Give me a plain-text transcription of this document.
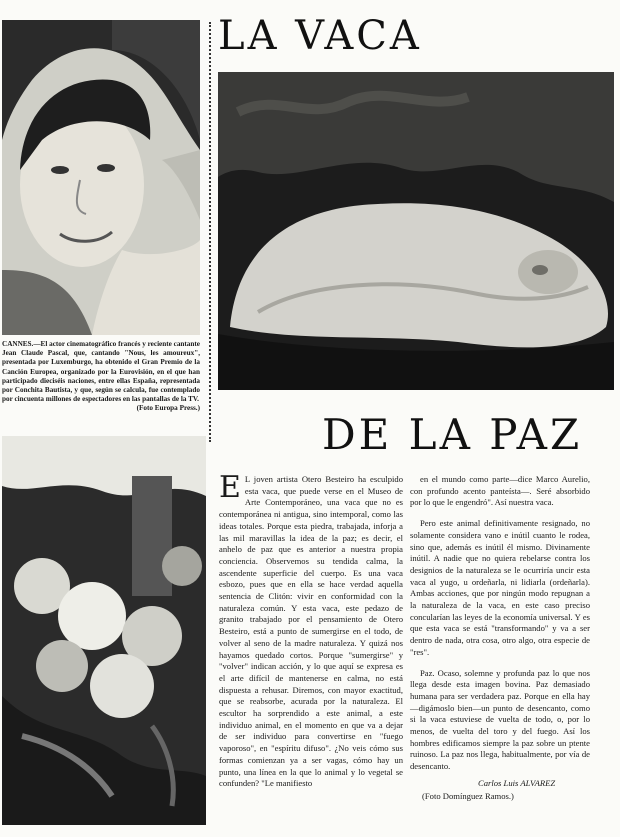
LA VACA
CANNES.—El actor cinematográfico francés y reciente cantante Jean Claude Pascal, que, cantando "Nous, les amoureux", presentada por Luxemburgo, ha obtenido el Gran Premio de la Canción Europea, organizado por la Eurovisión, en el que han participado dieciséis naciones, entre ellas España, representada por Conchita Bautista, y que, según se calcula, fue contemplado por cincuenta millones de espectadores en las pantallas de la TV.
(Foto Europa Press.)
DE LA PAZ

E L joven artista Otero Besteiro ha esculpido esta vaca, que puede verse en el Museo de Arte Contemporáneo, una vaca que no es contemporánea ni antigua, sino intemporal, como las ideas totales. Porque esta piedra, trabajada, inforja a las mil maravillas la idea de la paz; es decir, el anhelo de paz que es anterior a nuestra propia conciencia. Observemos su tendida calma, la ascendente superficie del cuerpo. Es una vaca esbozo, pues que en ella se hace verdad aquella sentencia de Clitón: vivir en conformidad con la naturaleza común. Y esta vaca, este pedazo de granito trabajado por el pensamiento de Otero Besteiro, está a punto de sumergirse en el todo, de volver al seno de la madre naturaleza. Y quizá nos hayamos quedado cortos. Porque "sumergirse" y "volver" indican acción, y lo que aquí se expresa es el arte difícil de mantenerse en calma, no está dispuesta a rehusar. Diremos, con mayor exactitud, que se reabsorbe, acurada por la naturaleza. El escultor ha sorprendido a este animal, a este individuo animal, en el momento en que va a dejar de ser individuo para convertirse en "fuego vaporoso", en "espíritu difuso". ¿No veis cómo sus formas comienzan ya a ser vagas, cómo hay un punto, una línea en la que lo animal y lo vegetal se confunden? "Le manifiesto

en el mundo como parte—dice Marco Aurelio, con profundo acento panteísta—. Seré absorbido por lo que le engendró". Así nuestra vaca.

Pero este animal definitivamente resignado, no solamente considera vano e inútil cuanto le rodea, sino que, además es inútil él mismo. Divinamente inútil. A nadie que no quiera rebelarse contra los designios de la naturaleza se le ocurriría uncir esta vaca al yugo, u ordeñarla, ni lidiarla (ordeñarla). Ambas acciones, que por ningún modo repugnan a la naturaleza de la vaca, en este caso preciso concularían las leyes de la economía universal. Y es que esta vaca se está "transformando" y va a ser dentro de nada, otra cosa, otro algo, otra especie de "res".

Paz. Ocaso, solemne y profunda paz lo que nos llega desde esta imagen bovina. Paz demasiado humana para ser verdadera paz. Porque en ella hay—digámoslo bien—un punto de desencanto, como si la vaca estuviese de vuelta de todo, o, por lo menos, de vuelta del toro y del fuego. Así los hombres edificamos siempre la paz sobre un ptente ruinoso. La paz nos llega, habitualmente, por vía de desencanto.

Carlos Luis ALVAREZ
(Foto Domínguez Ramos.)
